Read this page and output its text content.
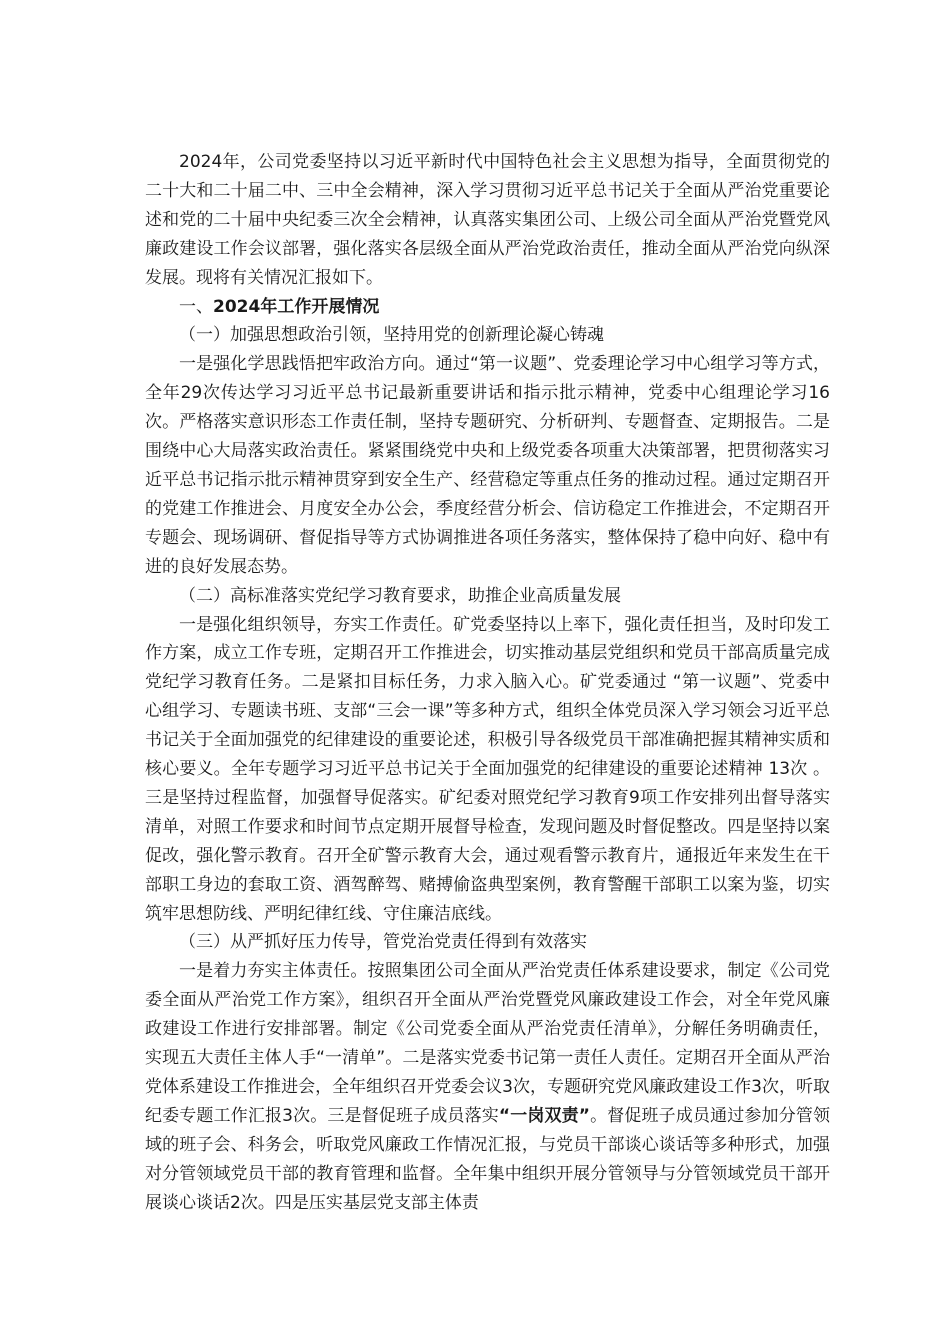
2024年，公司党委坚持以习近平新时代中国特色社会主义思想为指导，全面贯彻党的二十大和二十届二中、三中全会精神，深入学习贯彻习近平总书记关于全面从严治党重要论述和党的二十届中央纪委三次全会精神，认真落实集团公司、上级公司全面从严治党暨党风廉政建设工作会议部署，强化落实各层级全面从严治党政治责任，推动全面从严治党向纵深发展。现将有关情况汇报如下。

一、2024年工作开展情况

（一）加强思想政治引领，坚持用党的创新理论凝心铸魂

一是强化学思践悟把牢政治方向。通过“第一议题”、党委理论学习中心组学习等方式，全年29次传达学习习近平总书记最新重要讲话和指示批示精神，党委中心组理论学习16次。严格落实意识形态工作责任制，坚持专题研究、分析研判、专题督查、定期报告。二是围绕中心大局落实政治责任。紧紧围绕党中央和上级党委各项重大决策部署，把贯彻落实习近平总书记指示批示精神贯穿到安全生产、经营稳定等重点任务的推动过程。通过定期召开的党建工作推进会、月度安全办公会，季度经营分析会、信访稳定工作推进会，不定期召开专题会、现场调研、督促指导等方式协调推进各项任务落实，整体保持了稳中向好、稳中有进的良好发展态势。

（二）高标准落实党纪学习教育要求，助推企业高质量发展

一是强化组织领导，夯实工作责任。矿党委坚持以上率下，强化责任担当，及时印发工作方案，成立工作专班，定期召开工作推进会，切实推动基层党组织和党员干部高质量完成党纪学习教育任务。二是紧扣目标任务，力求入脑入心。矿党委通过 “第一议题”、党委中心组学习、专题读书班、支部“三会一课”等多种方式，组织全体党员深入学习领会习近平总书记关于全面加强党的纪律建设的重要论述，积极引导各级党员干部准确把握其精神实质和核心要义。全年专题学习习近平总书记关于全面加强党的纪律建设的重要论述精神 13次 。三是坚持过程监督，加强督导促落实。矿纪委对照党纪学习教育9项工作安排列出督导落实清单，对照工作要求和时间节点定期开展督导检查，发现问题及时督促整改。四是坚持以案促改，强化警示教育。召开全矿警示教育大会，通过观看警示教育片，通报近年来发生在干部职工身边的套取工资、酒驾醉驾、赌搏偷盗典型案例，教育警醒干部职工以案为鉴，切实筑牢思想防线、严明纪律红线、守住廉洁底线。

（三）从严抓好压力传导，管党治党责任得到有效落实

一是着力夯实主体责任。按照集团公司全面从严治党责任体系建设要求，制定《公司党委全面从严治党工作方案》，组织召开全面从严治党暨党风廉政建设工作会，对全年党风廉政建设工作进行安排部署。制定《公司党委全面从严治党责任清单》，分解任务明确责任，实现五大责任主体人手“一清单”。二是落实党委书记第一责任人责任。定期召开全面从严治党体系建设工作推进会，全年组织召开党委会议3次，专题研究党风廉政建设工作3次，听取纪委专题工作汇报3次。三是督促班子成员落实“一岗双责”。督促班子成员通过参加分管领域的班子会、科务会，听取党风廉政工作情况汇报，与党员干部谈心谈话等多种形式，加强对分管领域党员干部的教育管理和监督。全年集中组织开展分管领导与分管领域党员干部开展谈心谈话2次。四是压实基层党支部主体责
